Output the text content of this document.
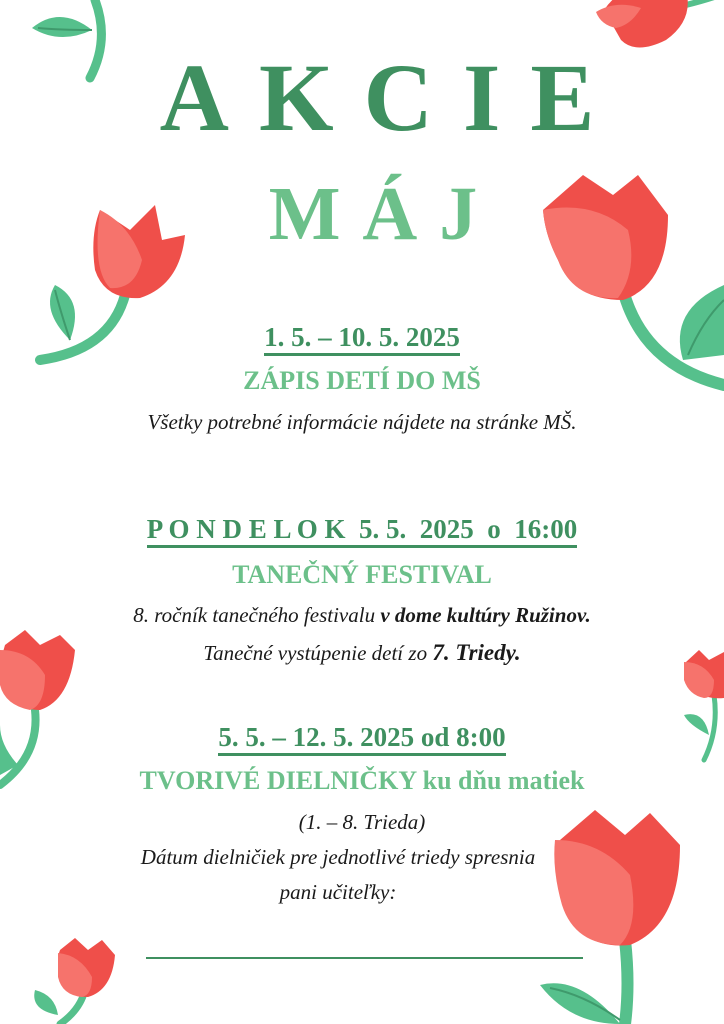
AKCIE
MÁJ
1. 5. – 10. 5. 2025
ZÁPIS DETÍ DO MŠ
Všetky potrebné informácie nájdete na stránke MŠ.
P O N D E L O K  5. 5.  2025  o  16:00
TANEČNÝ FESTIVAL
8. ročník tanečného festivalu v dome kultúry Ružinov.
Tanečné vystúpenie detí zo 7. Triedy.
5. 5. – 12. 5. 2025 od 8:00
TVORIVÉ DIELNIČKY ku dňu matiek
(1. – 8. Trieda)
Dátum dielničiek pre jednotlivé triedy spresnia
pani učiteľky:
